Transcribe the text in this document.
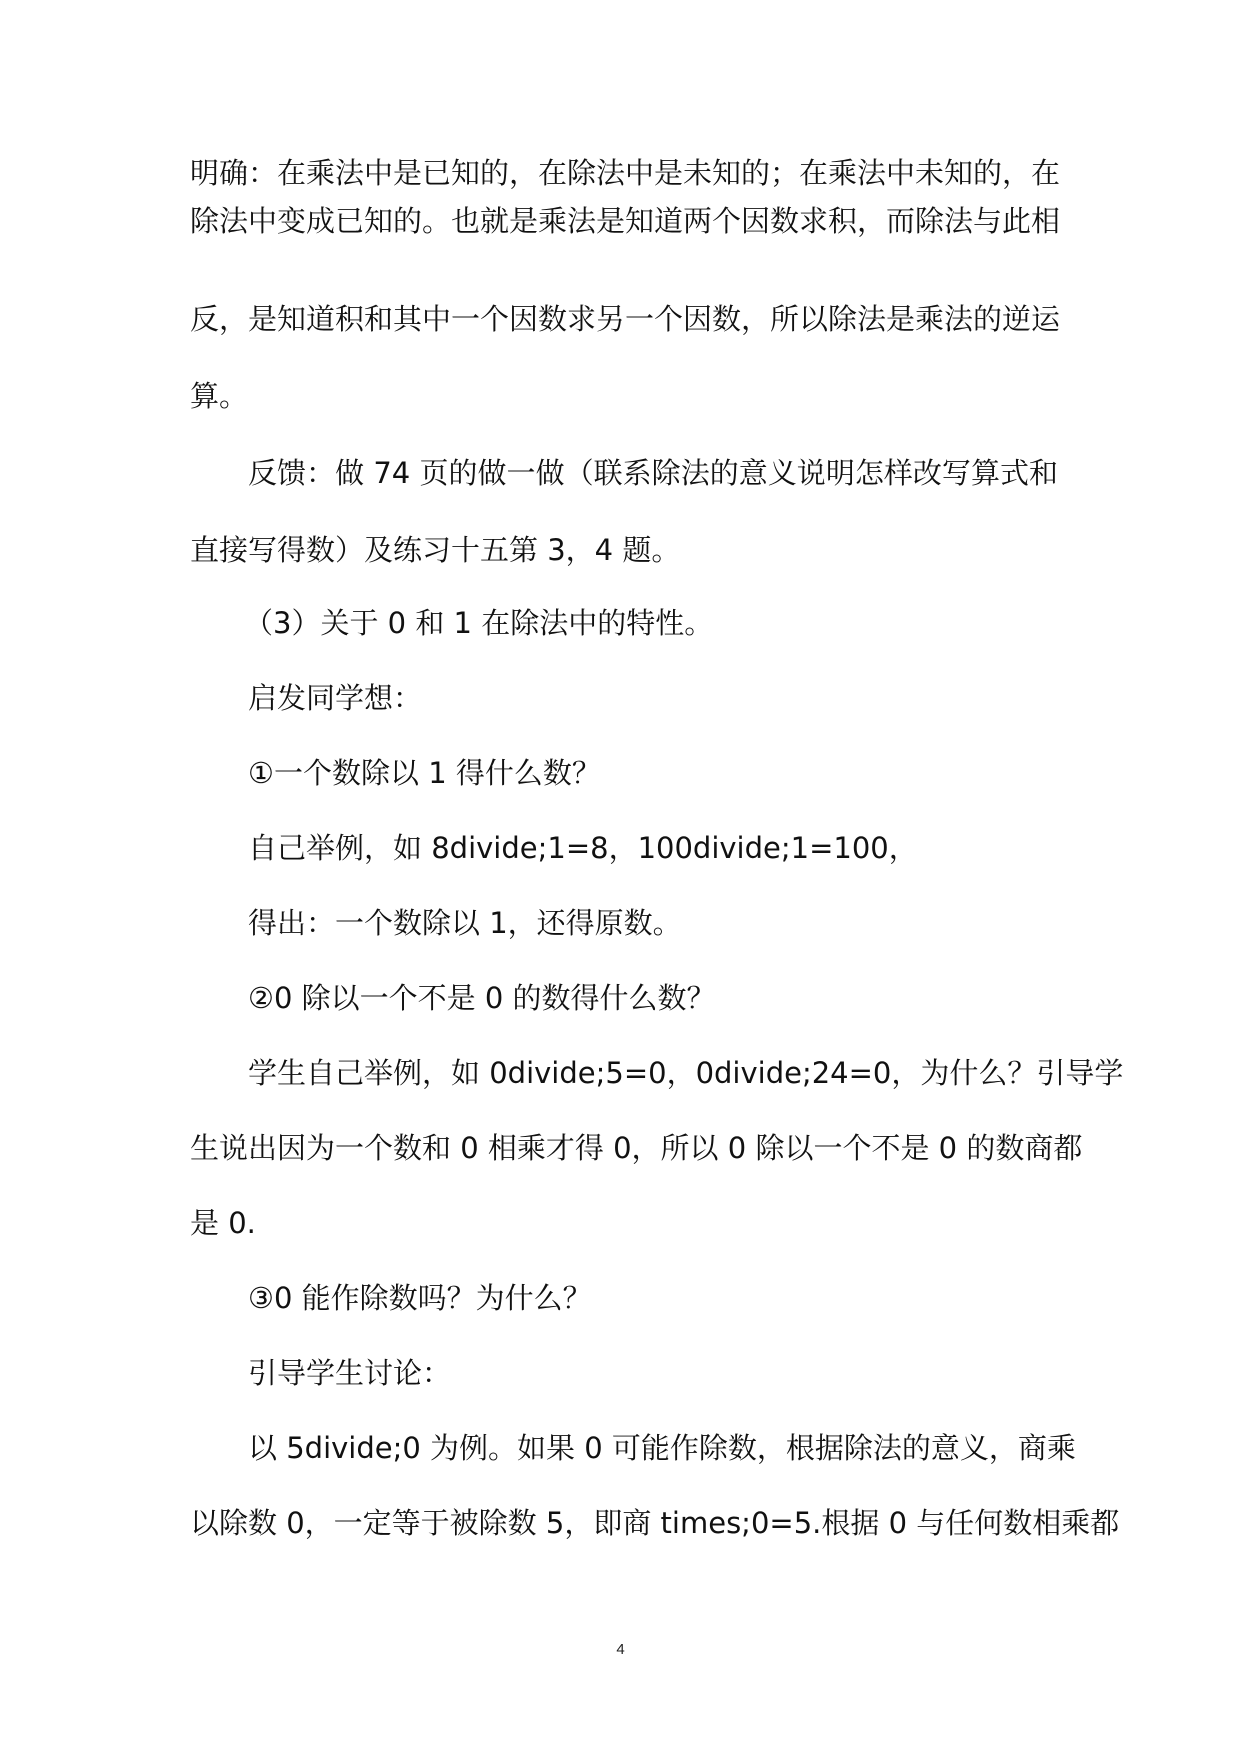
明确：在乘法中是已知的，在除法中是未知的；在乘法中未知的，在
除法中变成已知的。也就是乘法是知道两个因数求积，而除法与此相
反，是知道积和其中一个因数求另一个因数，所以除法是乘法的逆运
算。
反馈：做 74 页的做一做（联系除法的意义说明怎样改写算式和
直接写得数）及练习十五第 3，4 题。
（3）关于 0 和 1 在除法中的特性。
启发同学想：
①一个数除以 1 得什么数？
自己举例，如 8divide;1=8，100divide;1=100，
得出：一个数除以 1，还得原数。
②0 除以一个不是 0 的数得什么数？
学生自己举例，如 0divide;5=0，0divide;24=0，为什么？引导学
生说出因为一个数和 0 相乘才得 0，所以 0 除以一个不是 0 的数商都
是 0.
③0 能作除数吗？为什么？
引导学生讨论：
以 5divide;0 为例。如果 0 可能作除数，根据除法的意义，商乘
以除数 0，一定等于被除数 5，即商 times;0=5.根据 0 与任何数相乘都
4
